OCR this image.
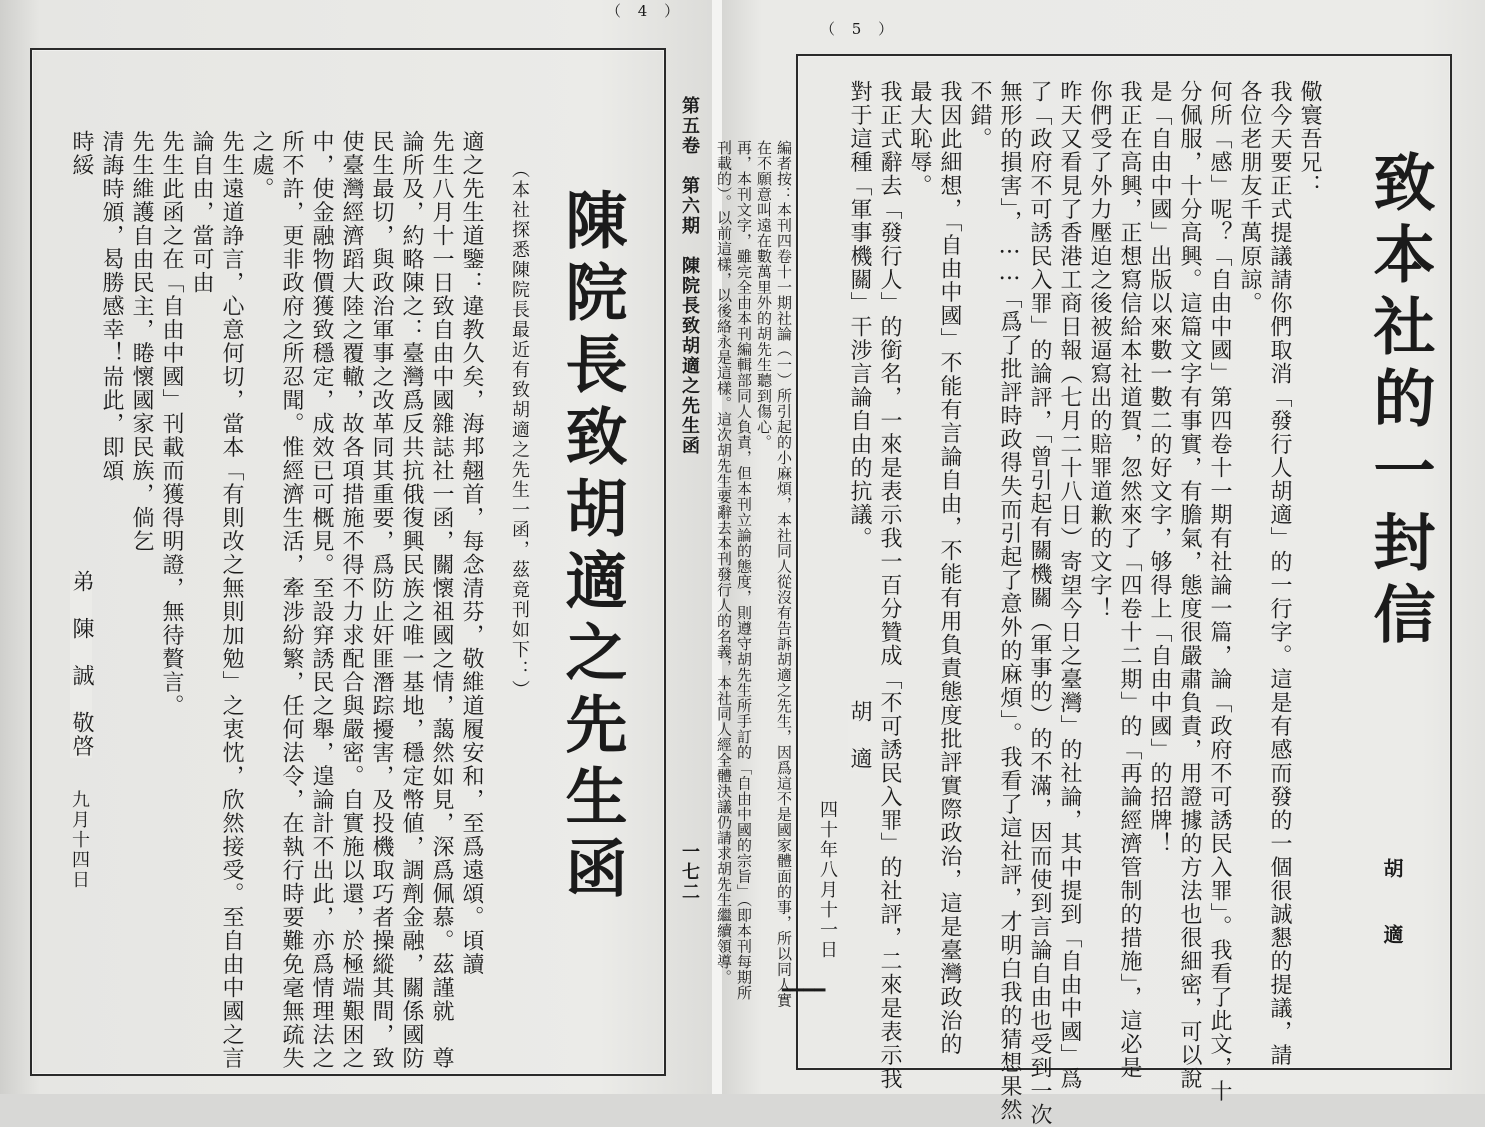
（ 4 ）
第五卷　第六期　陳院長致胡適之先生函
一七二
陳院長致胡適之先生函
（本社探悉陳院長最近有致胡適之先生一函，茲竟刊如下：）
適之先生道鑒：違教久矣，海邦翹首，每念清芬，敬維道履安和，至爲遠頌。頃讀
先生八月十一日致自由中國雜誌社一函，關懷祖國之情，藹然如見，深爲佩慕。茲謹就　尊
論所及，約略陳之：臺灣爲反共抗俄復興民族之唯一基地，穩定幣値，調劑金融，關係國防
民生最切，與政治軍事之改革同其重要，爲防止奸匪潛踪擾害，及投機取巧者操縱其間，致
使臺灣經濟蹈大陸之覆轍，故各項措施不得不力求配合與嚴密。自實施以還，於極端艱困之
中，使金融物價獲致穩定，成效已可概見。至設穽誘民之舉，遑論計不出此，亦爲情理法之
所不許，更非政府之所忍聞。惟經濟生活，牽涉紛繁，任何法令，在執行時要難免毫無疏失
之處。
先生遠道諍言，心意何切，當本「有則改之無則加勉」之衷忱，欣然接受。至自由中國之言
論自由，當可由
先生此函之在「自由中國」刊載而獲得明證，無待贅言。
先生維護自由民主，睠懷國家民族，倘乞
清誨時頒，曷勝感幸！耑此，即頌
弟　陳　誠　敬啓
時綏
九月十四日
（ 5 ）
致本社的一封信
胡　　適
儆寰吾兄：
我今天要正式提議請你們取消「發行人胡適」的一行字。這是有感而發的一個很誠懇的提議，請
各位老朋友千萬原諒。
何所「感」呢？「自由中國」第四卷十一期有社論一篇，論「政府不可誘民入罪」。我看了此文，十
分佩服，十分高興。這篇文字有事實，有膽氣，態度很嚴肅負責，用證據的方法也很細密，可以說
是「自由中國」出版以來數一數二的好文字，够得上「自由中國」的招牌！
我正在高興，正想寫信給本社道賀，忽然來了「四卷十二期」的「再論經濟管制的措施」，這必是
你們受了外力壓迫之後被逼寫出的賠罪道歉的文字！
昨天又看見了香港工商日報（七月二十八日）寄望今日之臺灣」的社論，其中提到「自由中國」爲
了「政府不可誘民入罪」的論評，「曾引起有關機關（軍事的）的不滿，因而使到言論自由也受到一次
無形的損害」，……「爲了批評時政得失而引起了意外的麻煩」。我看了這社評，才明白我的猜想果然
不錯。
我因此細想，「自由中國」不能有言論自由，不能有用負責態度批評實際政治，這是臺灣政治的
最大恥辱。
我正式辭去「發行人」的銜名，一來是表示我一百分贊成「不可誘民入罪」的社評，二來是表示我
對于這種「軍事機關」干涉言論自由的抗議。
胡　適
四十年八月十一日
編者按：本刊四卷十一期社論（一）所引起的小麻煩，本社同人從沒有告訴胡適之先生，因爲這不是國家體面的事，所以同人實
在不願意叫遠在數萬里外的胡先生聽到傷心。
再，本刊文字，雖完全由本刊編輯部同人負責，但本刊立論的態度，則遵守胡先生所手訂的「自由中國的宗旨」（即本刊每期所
刊載的）。以前這樣，以後絡永是這樣。這次胡先生要辭去本刊發行人的名義，本社同人經全體決議仍請求胡先生繼續領導。
━━━━
